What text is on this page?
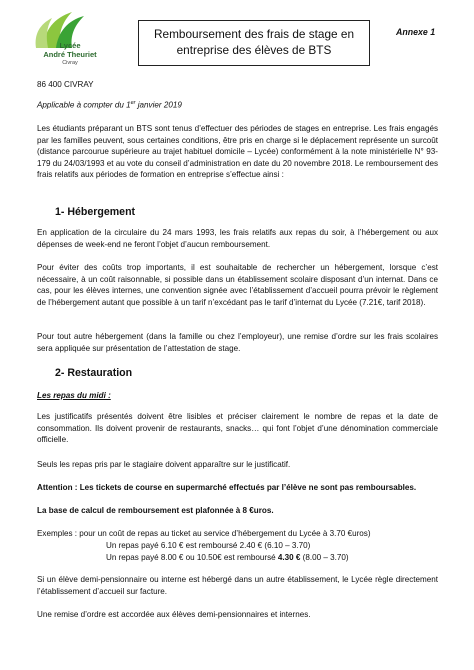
Lycée
André Theuriet
Civray
Remboursement des frais de stage en
entreprise des élèves de BTS
Annexe 1
86 400 CIVRAY
Applicable à compter du 1er janvier 2019
Les étudiants préparant un BTS sont tenus d’effectuer des périodes de stages en entreprise. Les frais engagés par les familles peuvent, sous certaines conditions, être pris en charge si le déplacement représente un surcoût (distance parcourue supérieure au trajet habituel domicile – Lycée) conformément à la note ministérielle N° 93-179 du 24/03/1993 et au vote du conseil d’administration en date du 20 novembre 2018. Le remboursement des frais relatifs aux périodes de formation en entreprise s’effectue ainsi :
1- Hébergement
En application de la circulaire du 24 mars 1993, les frais relatifs aux repas du soir, à l’hébergement ou aux dépenses de week-end ne feront l’objet d’aucun remboursement.
Pour éviter des coûts trop importants, il est souhaitable de rechercher un hébergement, lorsque c’est nécessaire, à un coût raisonnable, si possible dans un établissement scolaire disposant d’un internat. Dans ce cas, pour les élèves internes, une convention signée avec l’établissement d’accueil pourra prévoir le règlement de l’hébergement autant que possible à un tarif n’excédant pas le tarif d’internat du Lycée (7.21€, tarif 2018).
Pour tout autre hébergement (dans la famille ou chez l’employeur), une remise d’ordre sur les frais scolaires sera appliquée sur présentation de l’attestation de stage.
2- Restauration
Les repas du midi :
Les justificatifs présentés doivent être lisibles et préciser clairement le nombre de repas et la date de consommation. Ils doivent provenir de restaurants, snacks… qui font l’objet d’une dénomination commerciale officielle.
Seuls les repas pris par le stagiaire doivent apparaître sur le justificatif.
Attention : Les tickets de course en supermarché effectués par l’élève ne sont pas remboursables.
La base de calcul de remboursement est plafonnée à 8 €uros.
Exemples : pour un coût de repas au ticket au service d’hébergement du Lycée à 3.70 €uros)
Un repas payé 6.10 € est remboursé 2.40 € (6.10 – 3.70)
Un repas payé 8.00 € ou 10.50€ est remboursé 4.30 € (8.00 – 3.70)
Si un élève demi-pensionnaire ou interne est hébergé dans un autre établissement, le Lycée règle directement l’établissement d’accueil sur facture.
Une remise d’ordre est accordée aux élèves demi-pensionnaires et internes.
